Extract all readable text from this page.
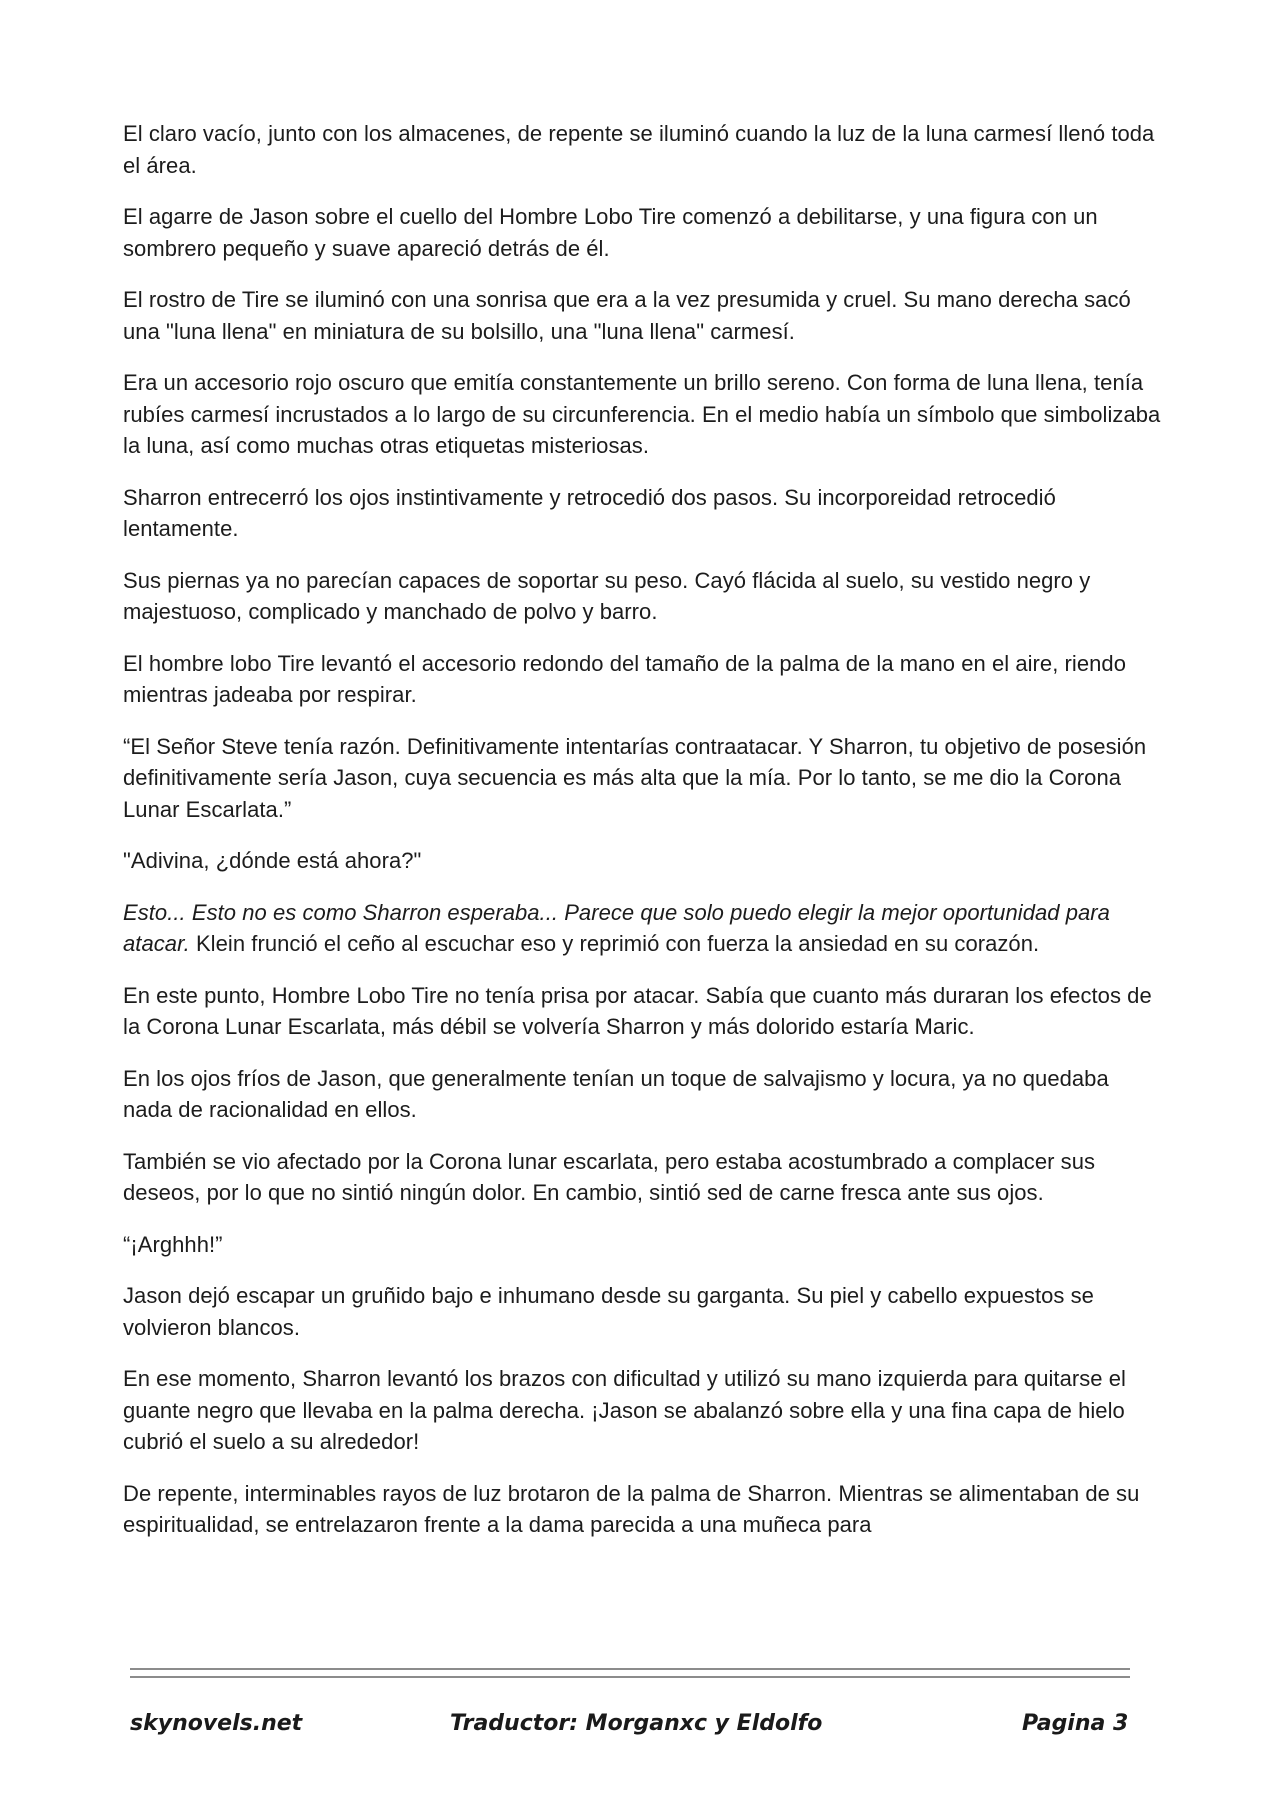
El claro vacío, junto con los almacenes, de repente se iluminó cuando la luz de la luna carmesí llenó toda el área.

El agarre de Jason sobre el cuello del Hombre Lobo Tire comenzó a debilitarse, y una figura con un sombrero pequeño y suave apareció detrás de él.

El rostro de Tire se iluminó con una sonrisa que era a la vez presumida y cruel. Su mano derecha sacó una "luna llena" en miniatura de su bolsillo, una "luna llena" carmesí.

Era un accesorio rojo oscuro que emitía constantemente un brillo sereno. Con forma de luna llena, tenía rubíes carmesí incrustados a lo largo de su circunferencia. En el medio había un símbolo que simbolizaba la luna, así como muchas otras etiquetas misteriosas.

Sharron entrecerró los ojos instintivamente y retrocedió dos pasos. Su incorporeidad retrocedió lentamente.

Sus piernas ya no parecían capaces de soportar su peso. Cayó flácida al suelo, su vestido negro y majestuoso, complicado y manchado de polvo y barro.

El hombre lobo Tire levantó el accesorio redondo del tamaño de la palma de la mano en el aire, riendo mientras jadeaba por respirar.

“El Señor Steve tenía razón. Definitivamente intentarías contraatacar. Y Sharron, tu objetivo de posesión definitivamente sería Jason, cuya secuencia es más alta que la mía. Por lo tanto, se me dio la Corona Lunar Escarlata.”

"Adivina, ¿dónde está ahora?"

Esto... Esto no es como Sharron esperaba... Parece que solo puedo elegir la mejor oportunidad para atacar. Klein frunció el ceño al escuchar eso y reprimió con fuerza la ansiedad en su corazón.

En este punto, Hombre Lobo Tire no tenía prisa por atacar. Sabía que cuanto más duraran los efectos de la Corona Lunar Escarlata, más débil se volvería Sharron y más dolorido estaría Maric.

En los ojos fríos de Jason, que generalmente tenían un toque de salvajismo y locura, ya no quedaba nada de racionalidad en ellos.

También se vio afectado por la Corona lunar escarlata, pero estaba acostumbrado a complacer sus deseos, por lo que no sintió ningún dolor. En cambio, sintió sed de carne fresca ante sus ojos.

“¡Arghhh!”

Jason dejó escapar un gruñido bajo e inhumano desde su garganta. Su piel y cabello expuestos se volvieron blancos.

En ese momento, Sharron levantó los brazos con dificultad y utilizó su mano izquierda para quitarse el guante negro que llevaba en la palma derecha. ¡Jason se abalanzó sobre ella y una fina capa de hielo cubrió el suelo a su alrededor!

De repente, interminables rayos de luz brotaron de la palma de Sharron. Mientras se alimentaban de su espiritualidad, se entrelazaron frente a la dama parecida a una muñeca para

skynovels.net	Traductor: Morganxc y Eldolfo	Pagina 3
